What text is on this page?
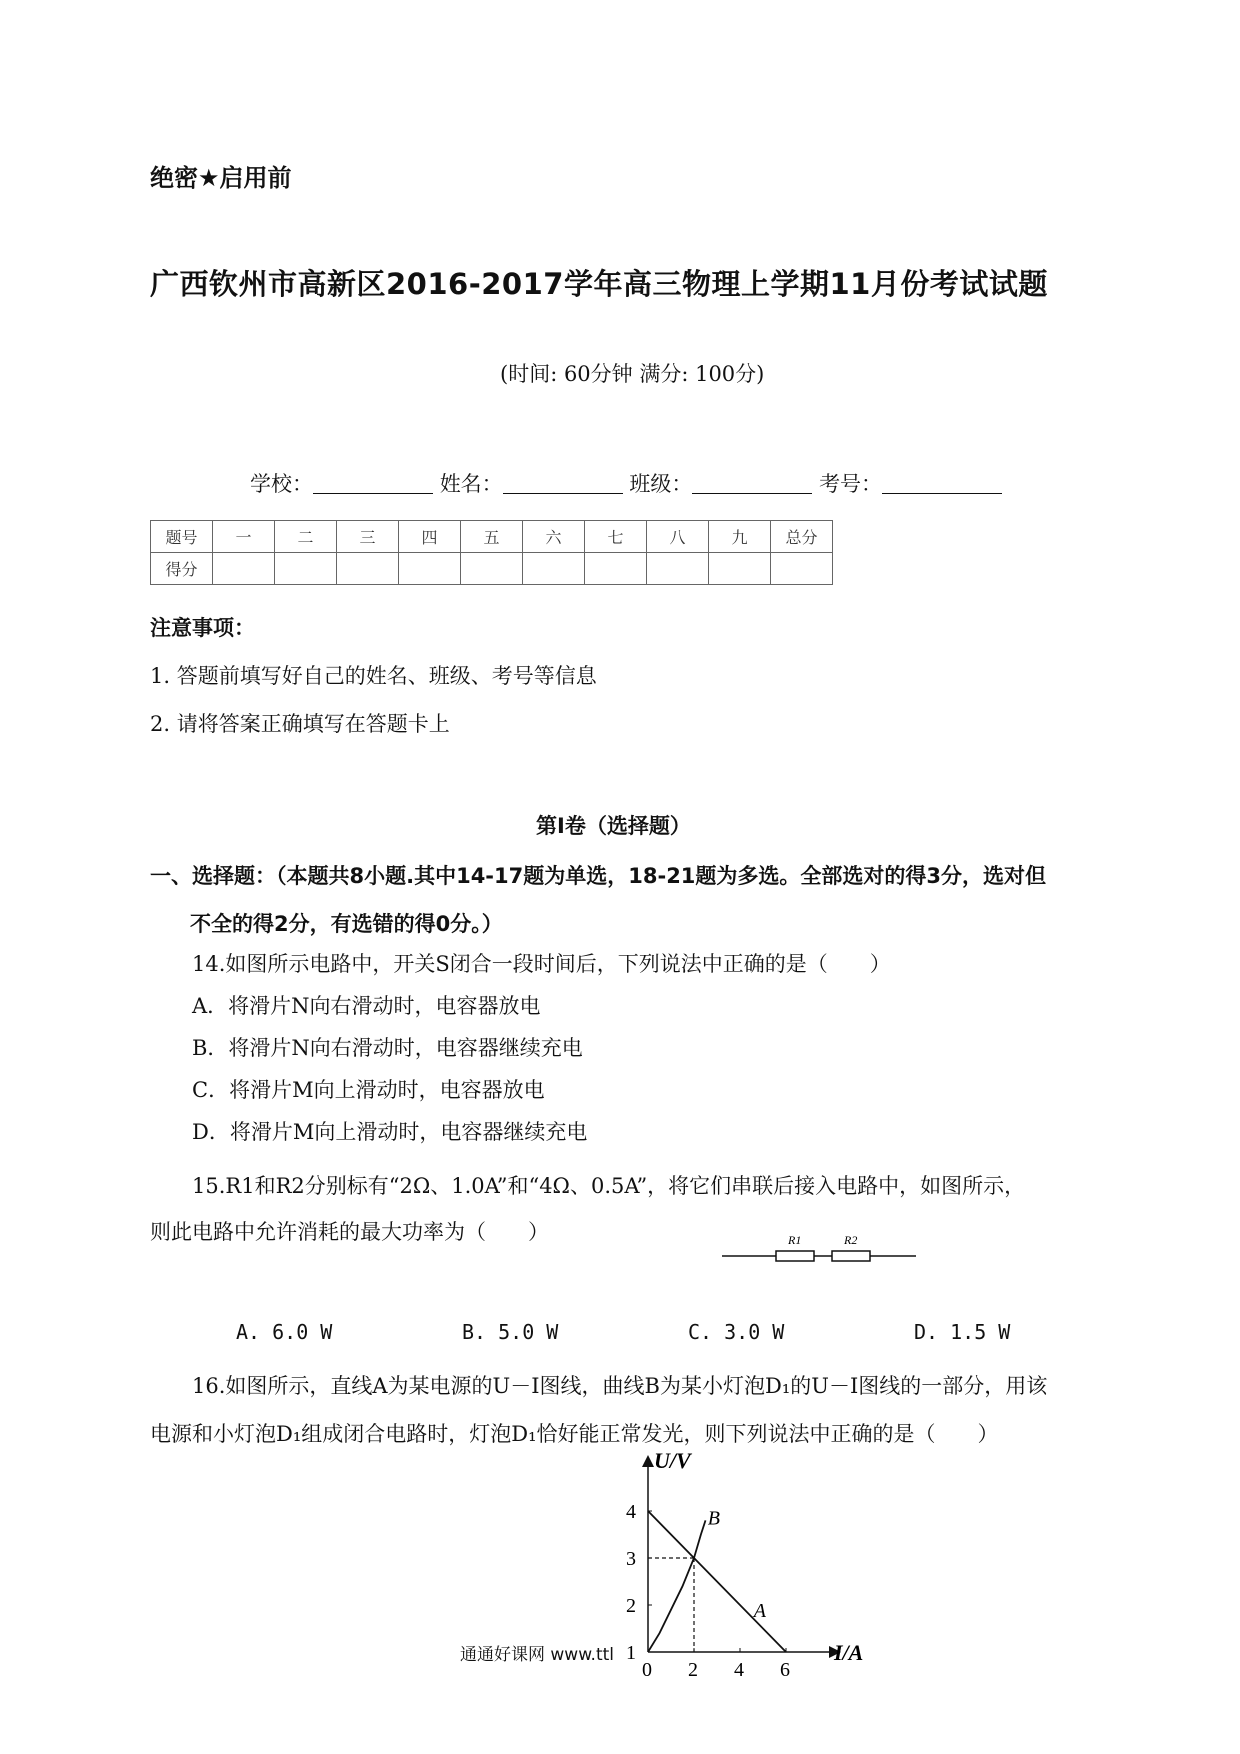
绝密★启用前
广西钦州市高新区2016-2017学年高三物理上学期11月份考试试题
(时间: 60分钟 满分: 100分)
学校：	姓名：	班级：	考号：
题号	一	二	三	四	五	六	七	八	九	总分
得分										
注意事项：
1. 答题前填写好自己的姓名、班级、考号等信息
2. 请将答案正确填写在答题卡上
第Ⅰ卷（选择题）
一、选择题：（本题共8小题.其中14-17题为单选，18-21题为多选。全部选对的得3分，选对但
不全的得2分，有选错的得0分。）
14.如图所示电路中，开关S闭合一段时间后，下列说法中正确的是（　　）
A．将滑片N向右滑动时，电容器放电
B．将滑片N向右滑动时，电容器继续充电
C．将滑片M向上滑动时，电容器放电
D．将滑片M向上滑动时，电容器继续充电
15.R1和R2分别标有“2Ω、1.0A”和“4Ω、0.5A”，将它们串联后接入电路中，如图所示，
则此电路中允许消耗的最大功率为（　　）	R1	R2
A. 6.0 W	B. 5.0 W	C. 3.0 W	D. 1.5 W
16.如图所示，直线A为某电源的U－I图线，曲线B为某小灯泡D₁的U－I图线的一部分，用该
电源和小灯泡D₁组成闭合电路时，灯泡D₁恰好能正常发光，则下列说法中正确的是（　　）
U/V
I/A
0 2 4 6
1
2
3
4
A
B
通通好课网 www.ttl
